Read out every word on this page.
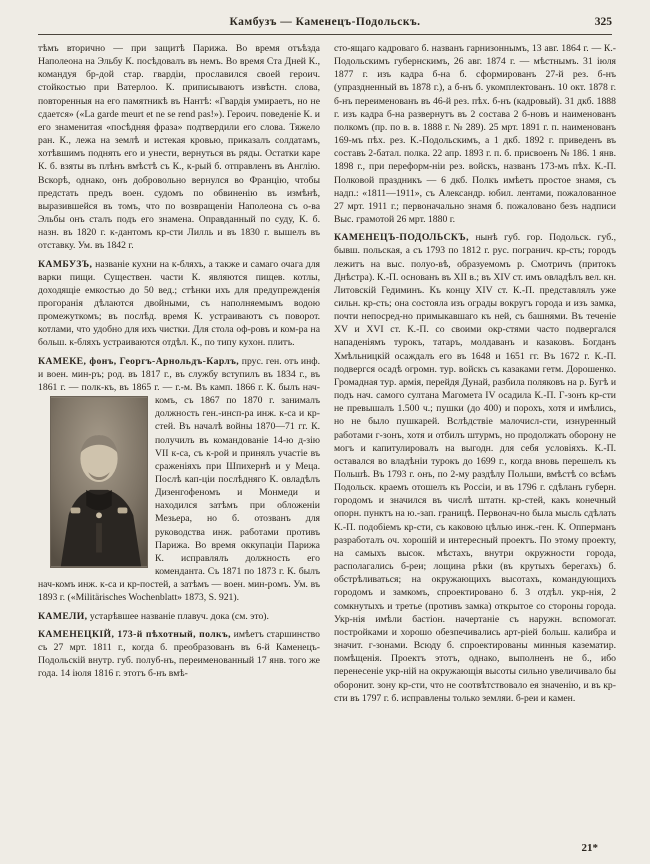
Камбузъ — Каменецъ-Подольскъ.	325

тѣмъ вторично — при защитѣ Парижа. Во время отъѣзда Наполеона на Эльбу К. посѣдовалъ въ немъ. Во время Ста Дней К., командуя бр-дой стар. гвардіи, прославился своей героич. стойкостью при Ватерлоо. К. приписываютъ извѣстн. слова, повторенныя на его памятникѣ въ Нантѣ: «Гвардія умираетъ, но не сдается» («La garde meurt et ne se rend pas!»). Героич. поведеніе К. и его знаменитая «посѣдняя фраза» подтвердили его слова. Тяжело ран. К., лежа на землѣ и истекая кровью, приказалъ солдатамъ, хотѣвшимъ поднять его и унести, вернуться въ ряды. Остатки каре К. б. взяты въ плѣнъ вмѣстѣ съ К., к-рый б. отправленъ въ Англію. Вскорѣ, однако, онъ добровольно вернулся во Францію, чтобы предстать предъ воен. судомъ по обвиненію въ измѣнѣ, выразившейся въ томъ, что по возвращеніи Наполеона съ о-ва Эльбы онъ сталъ подъ его знамена. Оправданный по суду, К. б. назн. въ 1820 г. к-дантомъ кр-сти Лилль и въ 1830 г. вышелъ въ отставку. Ум. въ 1842 г.

КАМБУЗЪ, названіе кухни на к-бляхъ, а также и самаго очага для варки пищи. Существен. части К. являются пищев. котлы, доходящіе емкостью до 50 вед.; стѣнки ихъ для предупрежденія прогоранія дѣлаются двойными, съ наполняемымъ водою промежуткомъ; въ послѣд. время К. устраиваютъ съ поворот. котлами, что удобно для ихъ чистки. Для стола оф-ровъ и ком-ра на больш. к-бляхъ устраиваются отдѣл. К., по типу кухон. плитъ.

КАМЕКЕ, фонъ, Георгъ-Арнольдъ-Карлъ, прус. ген. отъ инф. и воен. мин-ръ; род. въ 1817 г., въ службу вступилъ въ 1834 г., въ 1861 г. — полк-къ, въ 1865 г. — г.-м. Въ камп. 1866 г. К. былъ нач-комъ, съ 1867 по 1870 г. занималъ должность ген.-инсп-ра инж. к-са и кр-стей. Въ началѣ войны 1870—71 гг. К. получилъ въ командованіе 14-ю д-зію VII к-са, съ к-рой и принялъ участіе въ сраженіяхъ при Шпихернѣ и у Меца. Послѣ кап-ціи послѣдняго К. овладѣлъ Дизенгофеномъ и Монмеди и находился затѣмъ при обложеніи Мезьера, но б. отозванъ для руководства инж. работами противъ Парижа. Во время оккупаціи Парижа К. исправлялъ должность его коменданта. Съ 1871 по 1873 г. К. былъ нач-комъ инж. к-са и кр-постей, а затѣмъ — воен. мин-ромъ. Ум. въ 1893 г. («Militärisches Wochenblatt» 1873, S. 921).

КАМЕЛИ, устарѣвшее названіе плавуч. дока (см. это).

КАМЕНЕЦКІЙ, 173-й пѣхотный, полкъ, имѣетъ старшинство съ 27 мрт. 1811 г., когда б. преобразованъ въ 6-й Каменецъ-Подольскій внутр. губ. полуб-нъ, переименованный 17 янв. того же года. 14 іюля 1816 г. этотъ б-нъ вмѣ-

сто-ящаго кадроваго б. названъ гарнизоннымъ, 13 авг. 1864 г. — К.-Подольскимъ губернскимъ, 26 авг. 1874 г. — мѣстнымъ. 31 іюля 1877 г. изъ кадра б-на б. сформированъ 27-й рез. б-нъ (упраздненный въ 1878 г.), а б-нъ б. укомплектованъ. 10 окт. 1878 г. б-нъ переименованъ въ 46-й рез. пѣх. б-нъ (кадровый). 31 дкб. 1888 г. изъ кадра б-на развернутъ въ 2 состава 2 б-новъ и наименованъ полкомъ (пр. по в. в. 1888 г. № 289). 25 мрт. 1891 г. п. наименованъ 169-мъ пѣх. рез. К.-Подольскимъ, а 1 дкб. 1892 г. приведенъ въ составъ 2-батал. полка. 22 апр. 1893 г. п. б. присвоенъ № 186. 1 янв. 1898 г., при переформ-ніи рез. войскъ, названъ 173-мъ пѣх. К.-П. Полковой праздникъ — 6 дкб. Полкъ имѣетъ простое знамя, съ надп.: «1811—1911», съ Александр. юбил. лентами, пожалованное 27 мрт. 1911 г.; первоначально знамя б. пожаловано безъ надписи Выс. грамотой 26 мрт. 1880 г.

КАМЕНЕЦЪ-ПОДОЛЬСКЪ, нынѣ губ. гор. Подольск. губ., бывш. польская, а съ 1793 по 1812 г. рус. погранич. кр-сть; городъ лежитъ на выс. полуо-вѣ, образуемомъ р. Смотричъ (притокъ Днѣстра). К.-П. основанъ въ XII в.; въ XIV ст. имъ овладѣлъ вел. кн. Литовскій Гедиминъ. Къ концу XIV ст. К.-П. представлялъ уже сильн. кр-сть; она состояла изъ ограды вокругъ города и изъ замка, почти непосред-но примыкавшаго къ ней, съ башнями. Въ теченіе XV и XVI ст. К.-П. со своими окр-стями часто подвергался нападеніямъ турокъ, татаръ, молдаванъ и казаковъ. Богданъ Хмѣльницкій осаждалъ его въ 1648 и 1651 гг. Въ 1672 г. К.-П. подвергся осадѣ огромн. тур. войскъ съ казаками гетм. Дорошенко. Громадная тур. армія, перейдя Дунай, разбила поляковъ на р. Бугѣ и подъ нач. самого султана Магомета IV осадила К.-П. Г-зонъ кр-сти не превышалъ 1.500 ч.; пушки (до 400) и порохъ, хотя и имѣлись, но не было пушкарей. Вслѣдствіе малочисл-сти, изнуренный работами г-зонъ, хотя и отбилъ штурмъ, но продолжать оборону не могъ и капитулировалъ на выгодн. для себя условіяхъ. К.-П. оставался во владѣніи турокъ до 1699 г., когда вновь перешелъ къ Польшѣ. Въ 1793 г. онъ, по 2-му раздѣлу Польши, вмѣстѣ со всѣмъ Подольск. краемъ отошелъ къ Россіи, и въ 1796 г. сдѣланъ губерн. городомъ и значился въ числѣ штатн. кр-стей, какъ конечный опорн. пунктъ на ю.-зап. границѣ. Первонач-но была мысль сдѣлать К.-П. подобіемъ кр-сти, съ каковою цѣлью инж.-ген. К. Опперманъ разработалъ оч. хорошій и интересный проектъ. По этому проекту, на самыхъ высок. мѣстахъ, внутри окружности города, располагались б-реи; лощина рѣки (въ крутыхъ берегахъ) б. обстрѣливаться; на окружающихъ высотахъ, командующихъ городомъ и замкомъ, спроектировано б. 3 отдѣл. укр-нія, 2 сомкнутыхъ и третье (противъ замка) открытое со стороны города. Укр-нія имѣли бастіон. начертаніе съ наружн. вспомогат. постройками и хорошо обезпечивались арт-ріей больш. калибра и значит. г-зонами. Всюду б. спроектированы минныя казематир. помѣщенія. Проектъ этотъ, однако, выполненъ не б., ибо перенесеніе укр-ній на окружающія высоты сильно увеличивало бы оборонит. зону кр-сти, что не соотвѣтствовало ея значенію, и въ кр-сти въ 1797 г. б. исправлены только земляи. б-реи и камен.

21*
